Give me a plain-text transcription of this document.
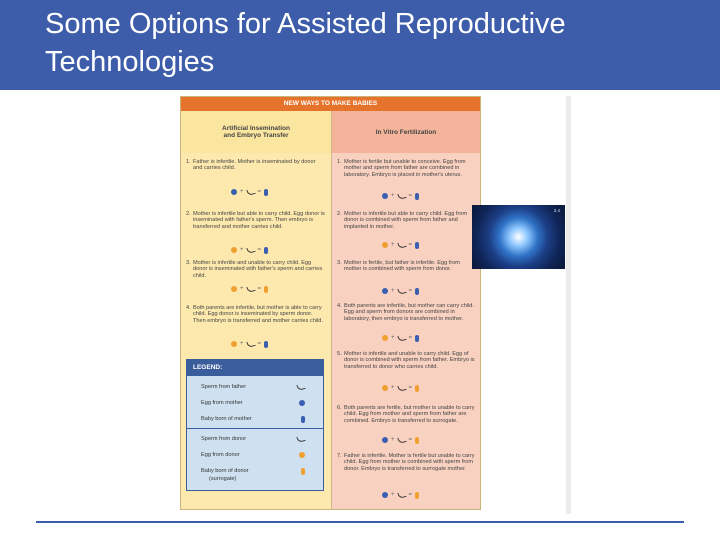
Some Options for Assisted Reproductive
Technologies
NEW WAYS TO MAKE BABIES
Artificial Insemination
and Embryo Transfer	In Vitro Fertilization
1. Father is infertile. Mother is inseminated by donor and carries child.
+
=
2. Mother is infertile but able to carry child. Egg donor is inseminated with father's sperm. Then embryo is transferred and mother carries child.
+
=
3. Mother is infertile and unable to carry child. Egg donor is inseminated with father's sperm and carries child.
+
=
4. Both parents are infertile, but mother is able to carry child. Egg donor is inseminated by sperm donor. Then embryo is transferred and mother carries child.
+
=
LEGEND:
Sperm from father
Egg from mother
Baby born of mother
Sperm from donor
Egg from donor
Baby born of donor
(surrogate)
1. Mother is fertile but unable to conceive. Egg from mother and sperm from father are combined in laboratory. Embryo is placed in mother's uterus.
+
=
2. Mother is infertile but able to carry child. Egg from donor is combined with sperm from father and implanted in mother.
+
=
3. Mother is fertile, but father is infertile. Egg from mother is combined with sperm from donor.
+
=
4. Both parents are infertile, but mother can carry child. Egg and sperm from donors are combined in laboratory, then embryo is transferred to mother.
+
=
5. Mother is infertile and unable to carry child. Egg of donor is combined with sperm from father. Embryo is transferred to donor who carries child.
+
=
6. Both parents are fertile, but mother is unable to carry child. Egg from mother and sperm from father are combined. Embryo is transferred to surrogate.
+
=
7. Father is infertile. Mother is fertile but unable to carry child. Egg from mother is combined with sperm from donor. Embryo is transferred to surrogate mother.
+
=
2.4
